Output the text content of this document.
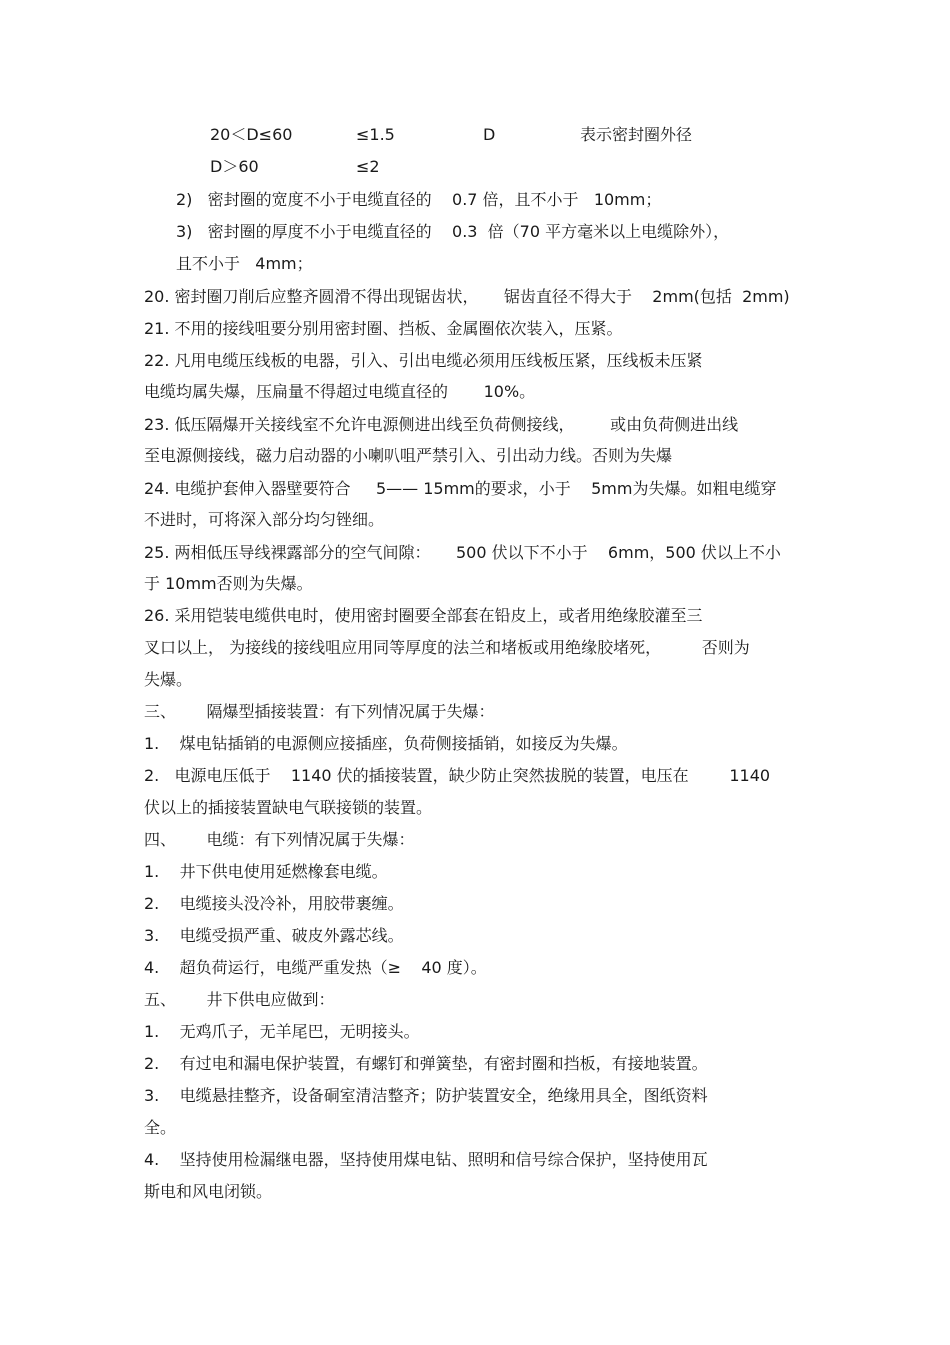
20＜D≤60	≤1.5	D	表示密封圈外径
D＞60	≤2
2)   密封圈的宽度不小于电缆直径的    0.7 倍，且不小于   10mm；
3)   密封圈的厚度不小于电缆直径的    0.3  倍（70 平方毫米以上电缆除外），
且不小于   4mm；
20. 密封圈刀削后应整齐圆滑不得出现锯齿状，     锯齿直径不得大于    2mm(包括  2mm)
21. 不用的接线咀要分别用密封圈、挡板、金属圈依次装入，压紧。
22. 凡用电缆压线板的电器，引入、引出电缆必须用压线板压紧，压线板未压紧
电缆均属失爆，压扁量不得超过电缆直径的       10%。
23. 低压隔爆开关接线室不允许电源侧进出线至负荷侧接线，       或由负荷侧进出线
至电源侧接线，磁力启动器的小喇叭咀严禁引入、引出动力线。否则为失爆
24. 电缆护套伸入器壁要符合     5—— 15mm的要求，小于    5mm为失爆。如粗电缆穿
不进时，可将深入部分均匀锉细。
25. 两相低压导线裸露部分的空气间隙：     500 伏以下不小于    6mm，500 伏以上不小
于 10mm否则为失爆。
26. 采用铠装电缆供电时，使用密封圈要全部套在铅皮上，或者用绝缘胶灌至三
叉口以上， 为接线的接线咀应用同等厚度的法兰和堵板或用绝缘胶堵死，        否则为
失爆。
三、      隔爆型插接装置：有下列情况属于失爆：
1.    煤电钻插销的电源侧应接插座，负荷侧接插销，如接反为失爆。
2.   电源电压低于    1140 伏的插接装置，缺少防止突然拔脱的装置，电压在        1140
伏以上的插接装置缺电气联接锁的装置。
四、      电缆：有下列情况属于失爆：
1.    井下供电使用延燃橡套电缆。
2.    电缆接头没冷补，用胶带裹缠。
3.    电缆受损严重、破皮外露芯线。
4.    超负荷运行，电缆严重发热（≥    40 度）。
五、      井下供电应做到：
1.    无鸡爪子，无羊尾巴，无明接头。
2.    有过电和漏电保护装置，有螺钉和弹簧垫，有密封圈和挡板，有接地装置。
3.    电缆悬挂整齐，设备硐室清洁整齐；防护装置安全，绝缘用具全，图纸资料
全。
4.    坚持使用检漏继电器，坚持使用煤电钻、照明和信号综合保护，坚持使用瓦
斯电和风电闭锁。
